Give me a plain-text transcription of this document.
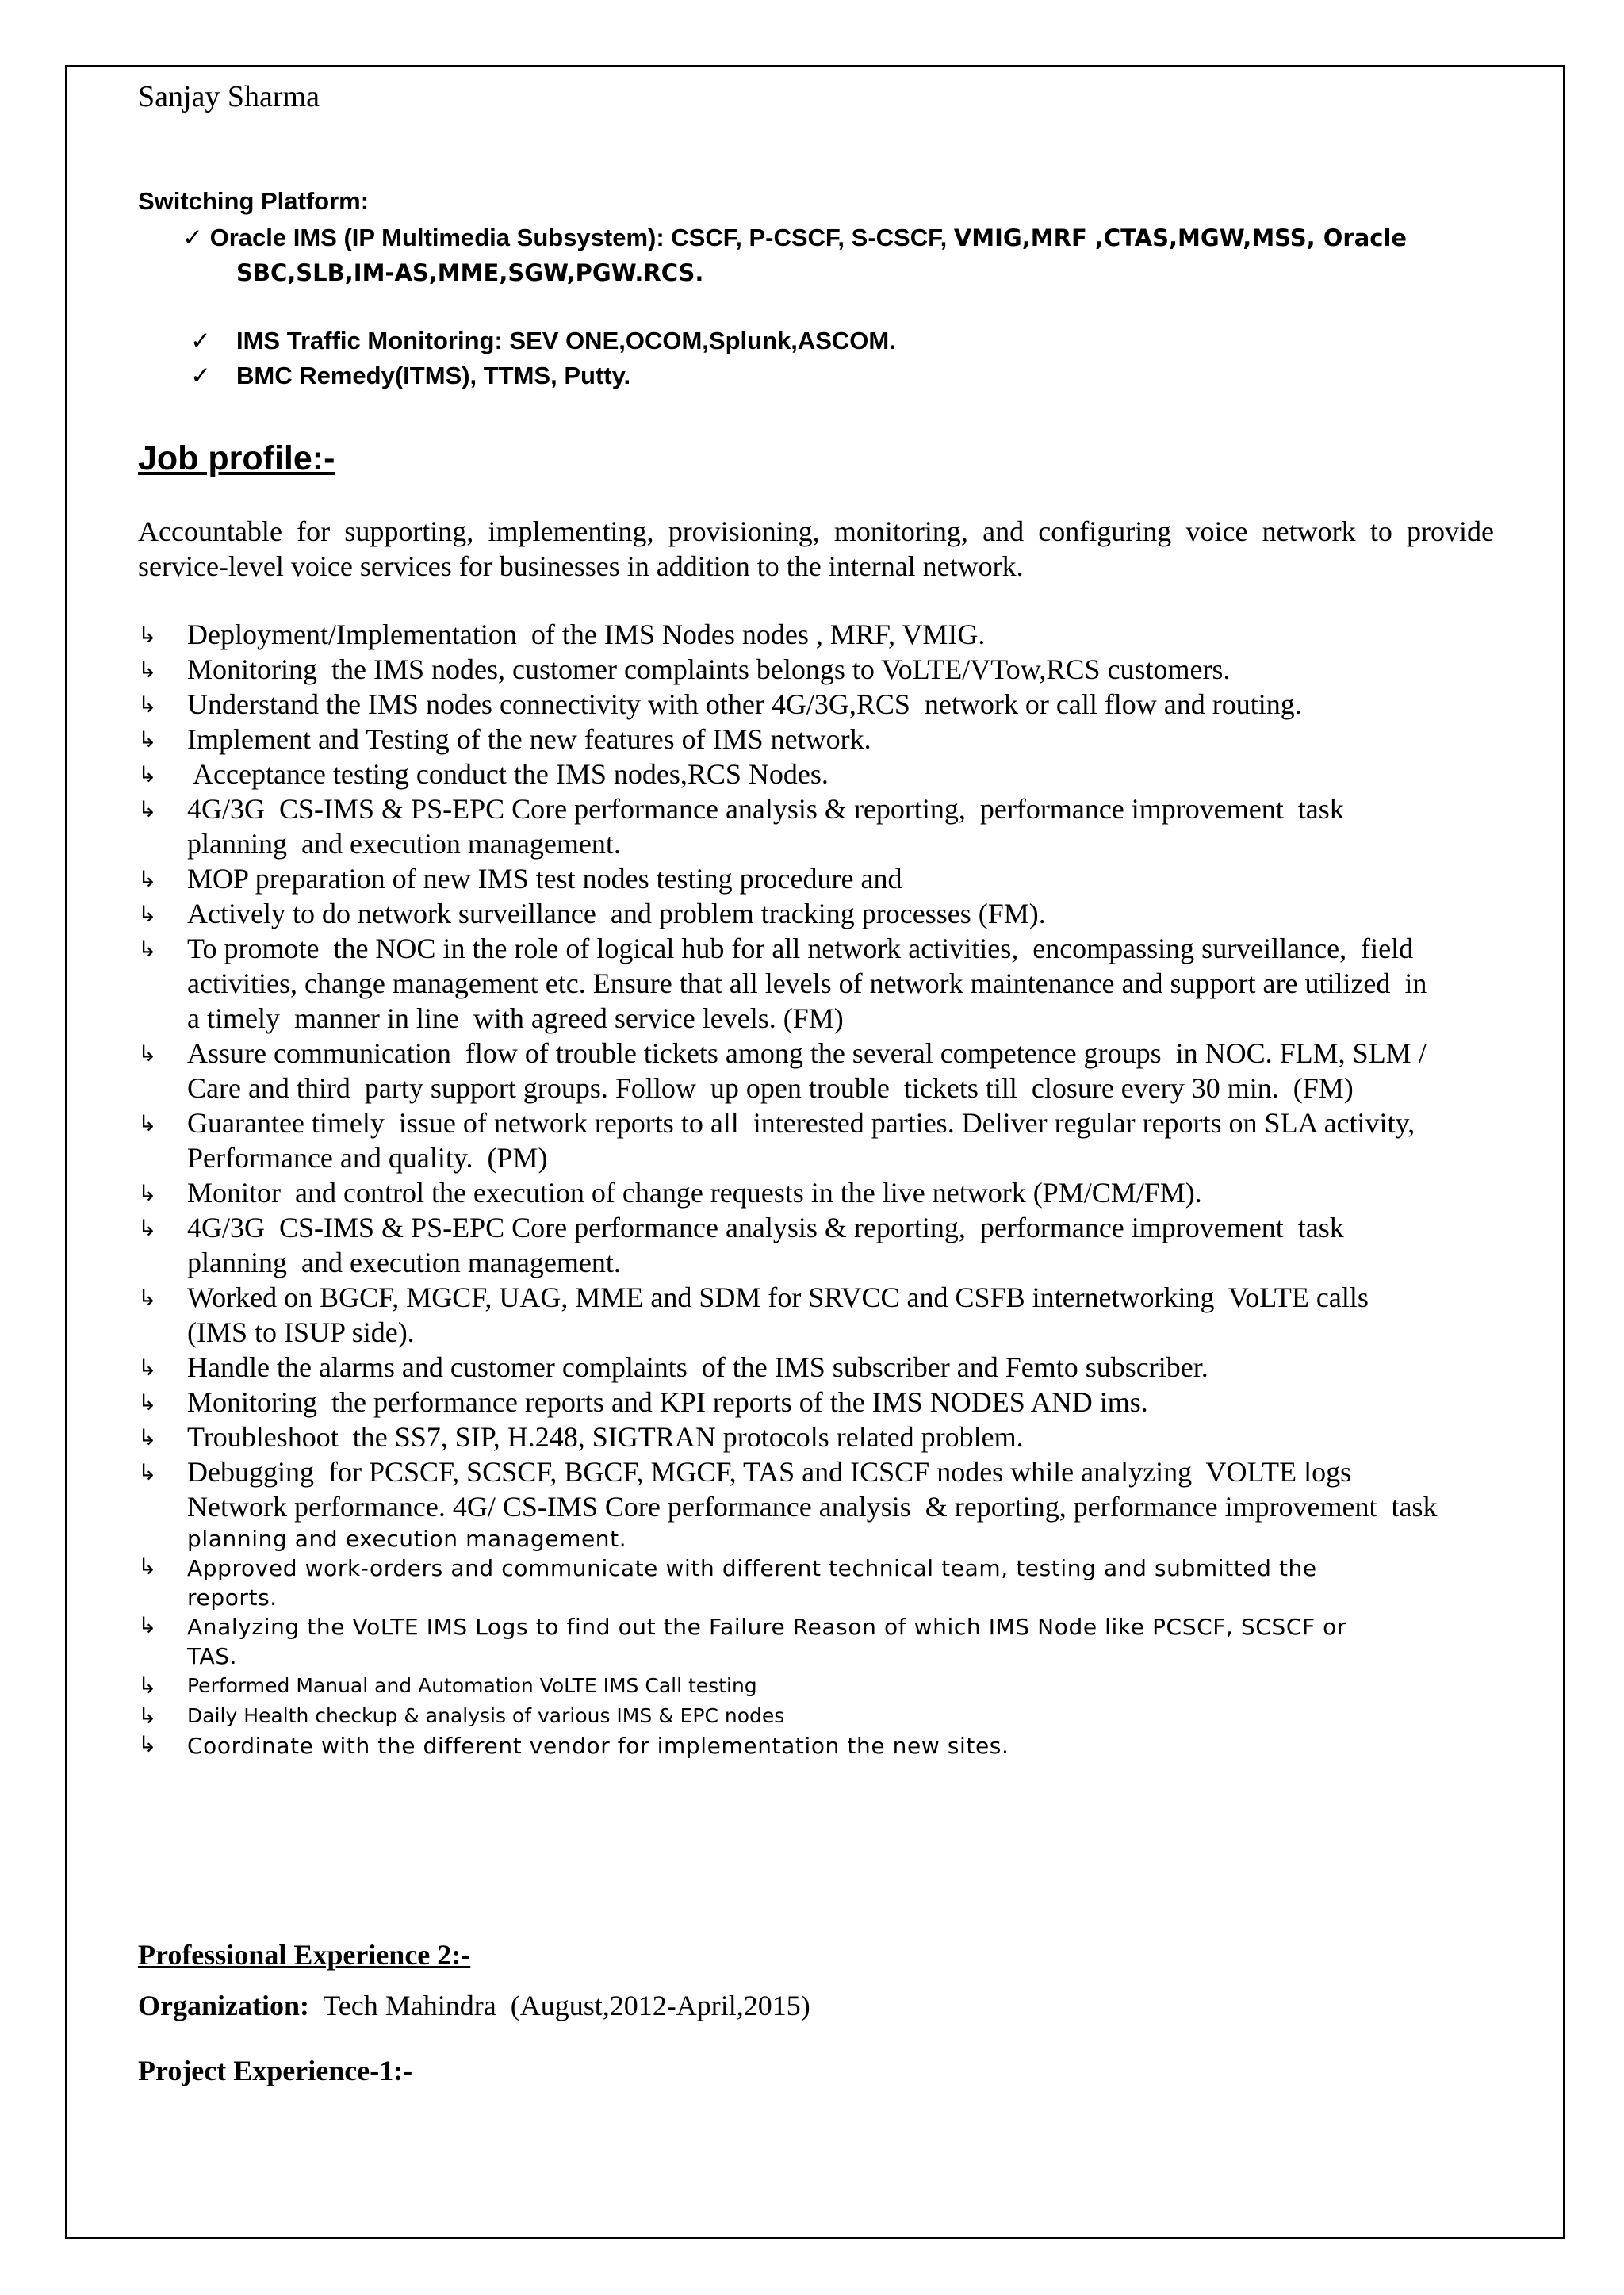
Sanjay Sharma
Switching Platform:
✓ Oracle IMS (IP Multimedia Subsystem): CSCF, P-CSCF, S-CSCF, VMIG,MRF ,CTAS,MGW,MSS, Oracle
SBC,SLB,IM-AS,MME,SGW,PGW.RCS.
✓ IMS Traffic Monitoring: SEV ONE,OCOM,Splunk,ASCOM.
✓ BMC Remedy(ITMS), TTMS, Putty.
Job profile:-
Accountable for supporting, implementing, provisioning, monitoring, and configuring voice network to provide
service-level voice services for businesses in addition to the internal network.
↳ Deployment/Implementation  of the IMS Nodes nodes , MRF, VMIG.
↳ Monitoring  the IMS nodes, customer complaints belongs to VoLTE/VTow,RCS customers.
↳ Understand the IMS nodes connectivity with other 4G/3G,RCS  network or call flow and routing.
↳ Implement and Testing of the new features of IMS network.
↳ Acceptance testing conduct the IMS nodes,RCS Nodes.
↳ 4G/3G  CS-IMS & PS-EPC Core performance analysis & reporting,  performance improvement  task
planning  and execution management.
↳ MOP preparation of new IMS test nodes testing procedure and
↳ Actively to do network surveillance  and problem tracking processes (FM).
↳ To promote  the NOC in the role of logical hub for all network activities,  encompassing surveillance,  field
activities, change management etc. Ensure that all levels of network maintenance and support are utilized  in
a timely  manner in line  with agreed service levels. (FM)
↳ Assure communication  flow of trouble tickets among the several competence groups  in NOC. FLM, SLM /
Care and third  party support groups. Follow  up open trouble  tickets till  closure every 30 min.  (FM)
↳ Guarantee timely  issue of network reports to all  interested parties. Deliver regular reports on SLA activity,
Performance and quality.  (PM)
↳ Monitor  and control the execution of change requests in the live network (PM/CM/FM).
↳ 4G/3G  CS-IMS & PS-EPC Core performance analysis & reporting,  performance improvement  task
planning  and execution management.
↳ Worked on BGCF, MGCF, UAG, MME and SDM for SRVCC and CSFB internetworking  VoLTE calls
(IMS to ISUP side).
↳ Handle the alarms and customer complaints  of the IMS subscriber and Femto subscriber.
↳ Monitoring  the performance reports and KPI reports of the IMS NODES AND ims.
↳ Troubleshoot  the SS7, SIP, H.248, SIGTRAN protocols related problem.
↳ Debugging  for PCSCF, SCSCF, BGCF, MGCF, TAS and ICSCF nodes while analyzing  VOLTE logs
Network performance. 4G/ CS-IMS Core performance analysis  & reporting, performance improvement  task
planning and execution management.
↳ Approved work-orders and communicate with different technical team, testing and submitted the
reports.
↳ Analyzing the VoLTE IMS Logs to find out the Failure Reason of which IMS Node like PCSCF, SCSCF or
TAS.
↳ Performed Manual and Automation VoLTE IMS Call testing
↳ Daily Health checkup & analysis of various IMS & EPC nodes
↳ Coordinate with the different vendor for implementation the new sites.
Professional Experience 2:-
Organization:  Tech Mahindra  (August,2012-April,2015)
Project Experience-1:-
